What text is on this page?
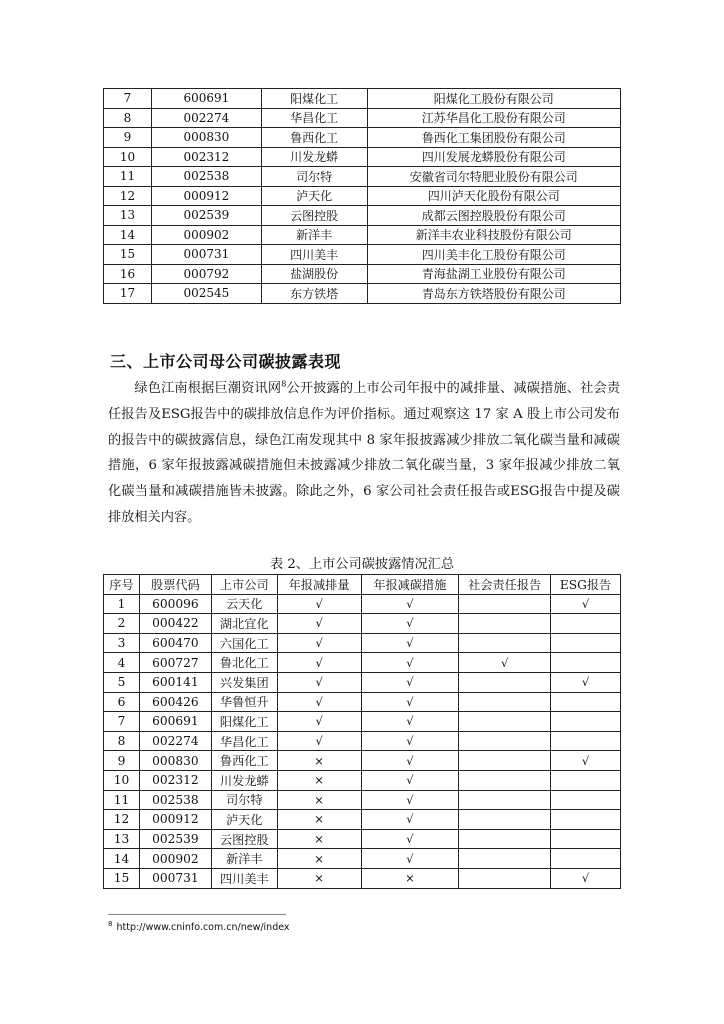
7	600691	阳煤化工	阳煤化工股份有限公司
8	002274	华昌化工	江苏华昌化工股份有限公司
9	000830	鲁西化工	鲁西化工集团股份有限公司
10	002312	川发龙蟒	四川发展龙蟒股份有限公司
11	002538	司尔特	安徽省司尔特肥业股份有限公司
12	000912	泸天化	四川泸天化股份有限公司
13	002539	云图控股	成都云图控股股份有限公司
14	000902	新洋丰	新洋丰农业科技股份有限公司
15	000731	四川美丰	四川美丰化工股份有限公司
16	000792	盐湖股份	青海盐湖工业股份有限公司
17	002545	东方铁塔	青岛东方铁塔股份有限公司
三、上市公司母公司碳披露表现

绿色江南根据巨潮资讯网$^8$公开披露的上市公司年报中的减排量、减碳措施、社会责任报告及ESG报告中的碳排放信息作为评价指标。通过观察这 17 家 A 股上市公司发布的报告中的碳披露信息，绿色江南发现其中 8 家年报披露减少排放二氧化碳当量和减碳措施，6 家年报披露减碳措施但未披露减少排放二氧化碳当量，3 家年报减少排放二氧化碳当量和减碳措施皆未披露。除此之外，6 家公司社会责任报告或ESG报告中提及碳排放相关内容。

表 2、上市公司碳披露情况汇总
序号	股票代码	上市公司	年报减排量	年报减碳措施	社会责任报告	ESG报告
1	600096	云天化	√	√		√
2	000422	湖北宜化	√	√		
3	600470	六国化工	√	√		
4	600727	鲁北化工	√	√	√	
5	600141	兴发集团	√	√		√
6	600426	华鲁恒升	√	√		
7	600691	阳煤化工	√	√		
8	002274	华昌化工	√	√		
9	000830	鲁西化工	×	√		√
10	002312	川发龙蟒	×	√		
11	002538	司尔特	×	√		
12	000912	泸天化	×	√		
13	002539	云图控股	×	√		
14	000902	新洋丰	×	√		
15	000731	四川美丰	×	×		√
$^8$ http://www.cninfo.com.cn/new/index
